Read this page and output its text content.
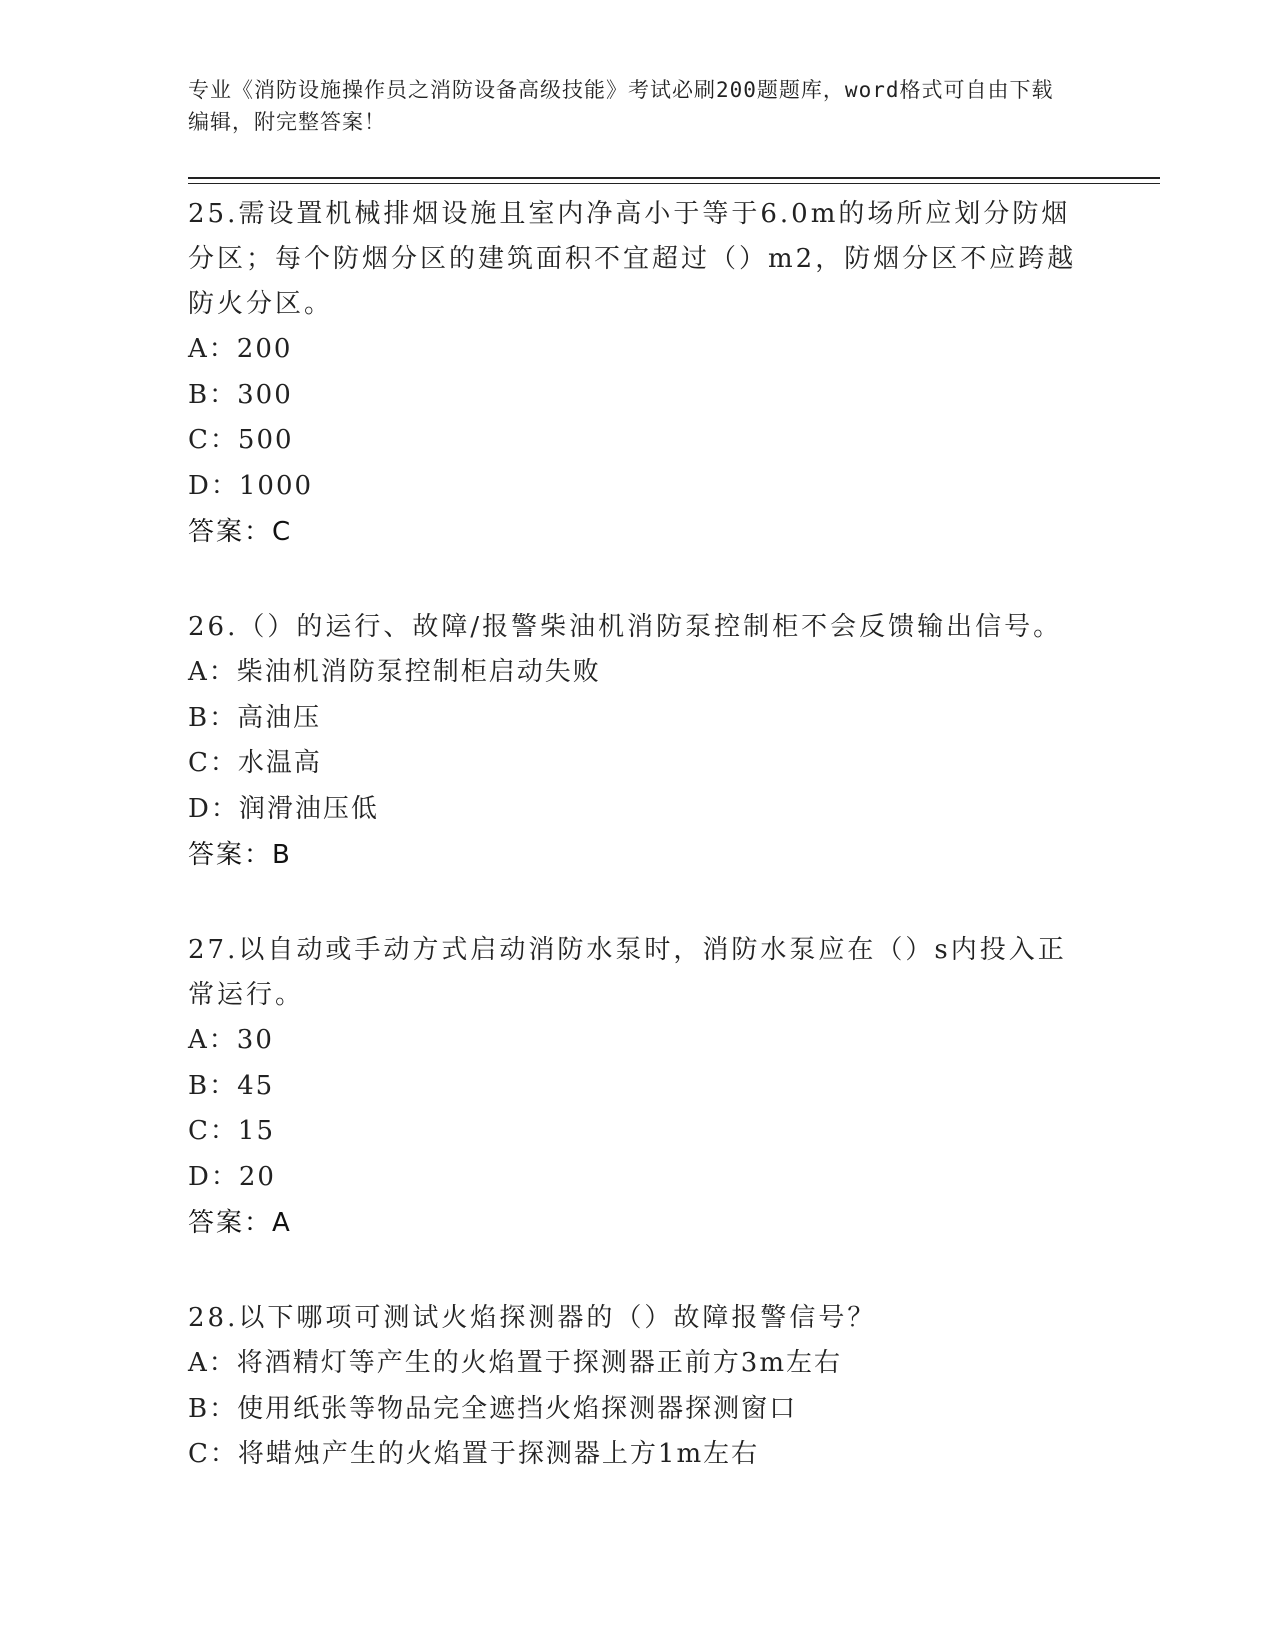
专业《消防设施操作员之消防设备高级技能》考试必刷200题题库，word格式可自由下载编辑，附完整答案！

25.需设置机械排烟设施且室内净高小于等于6.0m的场所应划分防烟分区；每个防烟分区的建筑面积不宜超过（）m2，防烟分区不应跨越防火分区。

A：200

B：300

C：500

D：1000

答案：C

26.（）的运行、故障/报警柴油机消防泵控制柜不会反馈输出信号。

A：柴油机消防泵控制柜启动失败

B：高油压

C：水温高

D：润滑油压低

答案：B

27.以自动或手动方式启动消防水泵时，消防水泵应在（）s内投入正常运行。

A：30

B：45

C：15

D：20

答案：A

28.以下哪项可测试火焰探测器的（）故障报警信号？

A：将酒精灯等产生的火焰置于探测器正前方3m左右

B：使用纸张等物品完全遮挡火焰探测器探测窗口

C：将蜡烛产生的火焰置于探测器上方1m左右
